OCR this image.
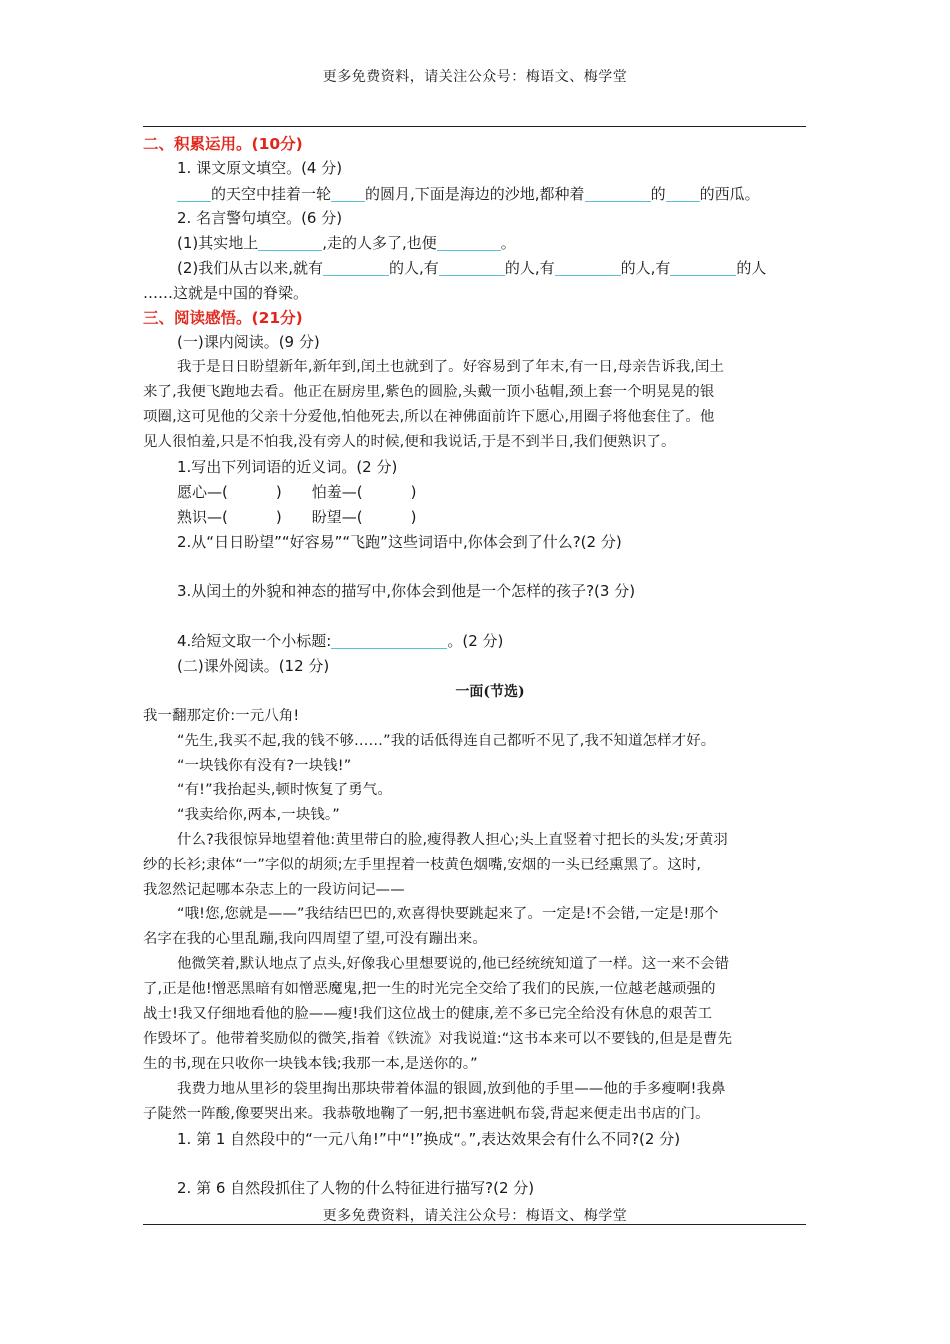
更多免费资料，请关注公众号：梅语文、梅学堂
二、积累运用。(10分)
1. 课文原文填空。(4 分)
的天空中挂着一轮 的圆月,下面是海边的沙地,都种着	的 的西瓜。
2. 名言警句填空。(6 分)
(1)其实地上	,走的人多了,也便	。
(2)我们从古以来,就有	的人,有	的人,有	的人,有	的人
……这就是中国的脊梁。
三、阅读感悟。(21分)
(一)课内阅读。(9 分)
我于是日日盼望新年,新年到,闰土也就到了。好容易到了年末,有一日,母亲告诉我,闰土
来了,我便飞跑地去看。他正在厨房里,紫色的圆脸,头戴一顶小毡帽,颈上套一个明晃晃的银
项圈,这可见他的父亲十分爱他,怕他死去,所以在神佛面前许下愿心,用圈子将他套住了。他
见人很怕羞,只是不怕我,没有旁人的时候,便和我说话,于是不到半日,我们便熟识了。
1.写出下列词语的近义词。(2 分)
愿心—(	) 怕羞—(	)
熟识—(	) 盼望—(	)
2.从“日日盼望”“好容易”“飞跑”这些词语中,你体会到了什么?(2 分)
3.从闰土的外貌和神态的描写中,你体会到他是一个怎样的孩子?(3 分)
4.给短文取一个小标题:	。(2 分)
(二)课外阅读。(12 分)
一面(节选)
我一翻那定价:一元八角!
“先生,我买不起,我的钱不够……”我的话低得连自己都听不见了,我不知道怎样才好。
“一块钱你有没有?一块钱!”
“有!”我抬起头,顿时恢复了勇气。
“我卖给你,两本,一块钱。”
什么?我很惊异地望着他:黄里带白的脸,瘦得教人担心;头上直竖着寸把长的头发;牙黄羽
纱的长衫;隶体“一”字似的胡须;左手里捏着一枝黄色烟嘴,安烟的一头已经熏黑了。这时,
我忽然记起哪本杂志上的一段访问记——
“哦!您,您就是——”我结结巴巴的,欢喜得快要跳起来了。一定是!不会错,一定是!那个
名字在我的心里乱蹦,我向四周望了望,可没有蹦出来。
他微笑着,默认地点了点头,好像我心里想要说的,他已经统统知道了一样。这一来不会错
了,正是他!憎恶黑暗有如憎恶魔鬼,把一生的时光完全交给了我们的民族,一位越老越顽强的
战士!我又仔细地看他的脸——瘦!我们这位战士的健康,差不多已完全给没有休息的艰苦工
作毁坏了。他带着奖励似的微笑,指着《铁流》对我说道:“这书本来可以不要钱的,但是是曹先
生的书,现在只收你一块钱本钱;我那一本,是送你的。”
我费力地从里衫的袋里掏出那块带着体温的银圆,放到他的手里——他的手多瘦啊!我鼻
子陡然一阵酸,像要哭出来。我恭敬地鞠了一躬,把书塞进帆布袋,背起来便走出书店的门。
1. 第 1 自然段中的“一元八角!”中“!”换成“。”,表达效果会有什么不同?(2 分)
2. 第 6 自然段抓住了人物的什么特征进行描写?(2 分)
更多免费资料，请关注公众号：梅语文、梅学堂
